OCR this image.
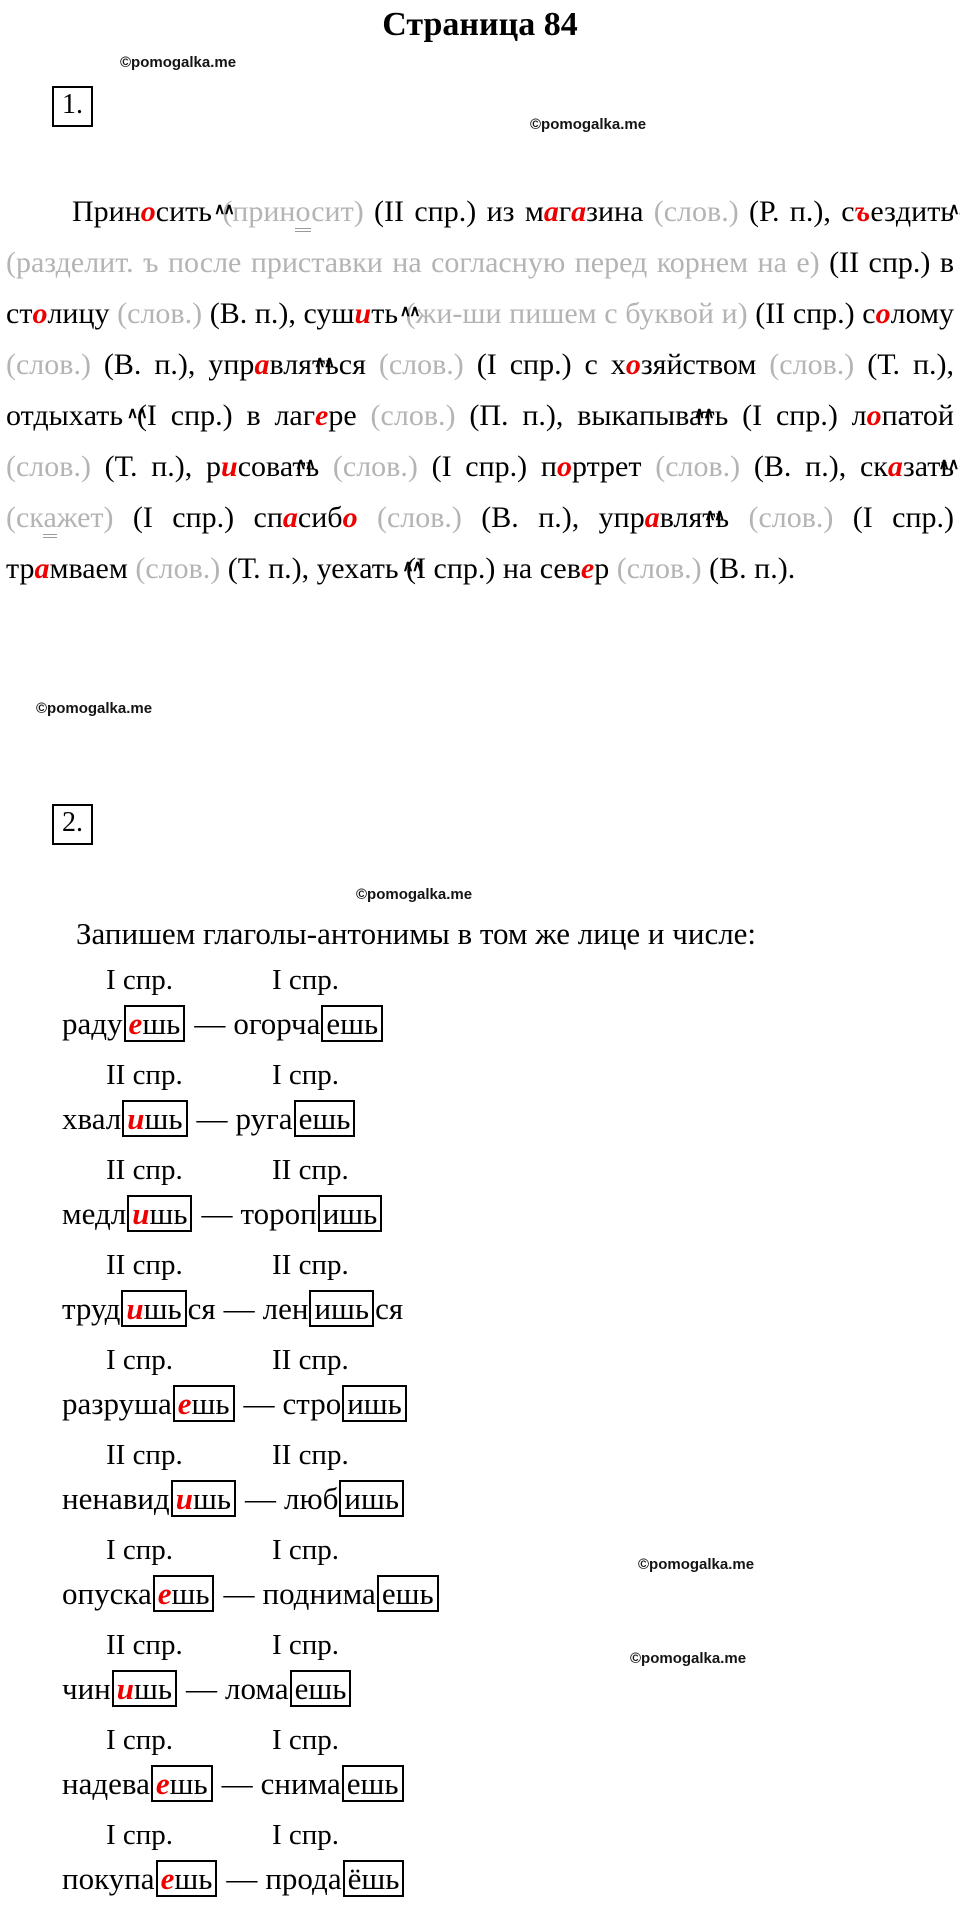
Страница 84
©pomogalka.me
©pomogalka.me
©pomogalka.me
©pomogalka.me
©pomogalka.me
©pomogalka.me
1.
Принос∧∧ ить (приносит) (II спр.) из магазина (слов.) (Р. п.), съез∧∧ дить (разделит. ъ после приставки на согласную перед корнем на е) (II спр.) в столицу (слов.) (В. п.), суш∧∧ ить (жи-ши пишем с буквой и) (II спр.) солому (слов.) (В. п.), упра∧∧ вляться (слов.) (I спр.) с хозяйством (слов.) (Т. п.), отдых∧∧ ать (I спр.) в лагере (слов.) (П. п.), выка∧∧ пывать (I спр.) лопатой (слов.) (Т. п.), рис∧∧ овать (слов.) (I спр.) портрет (слов.) (В. п.), ска∧∧ зать (скажет) (I спр.) спасибо (слов.) (В. п.), упра∧∧ влять (слов.) (I спр.) трамваем (слов.) (Т. п.), уех∧∧ ать (I спр.) на север (слов.) (В. п.).
2.
Запишем глаголы-антонимы в том же лице и числе:
I спр.	I спр.
раду ешь — огорча ешь
II спр.	I спр.
хвал ишь — руга ешь
II спр.	II спр.
медл ишь — тороп ишь
II спр.	II спр.
труд ишь ся — лен ишь ся
I спр.	II спр.
разруша ешь — стро ишь
II спр.	II спр.
ненавид ишь — люб ишь
I спр.	I спр.
опуска ешь — поднима ешь
II спр.	I спр.
чин ишь — лома ешь
I спр.	I спр.
надева ешь — снима ешь
I спр.	I спр.
покупа ешь — прода ёшь
